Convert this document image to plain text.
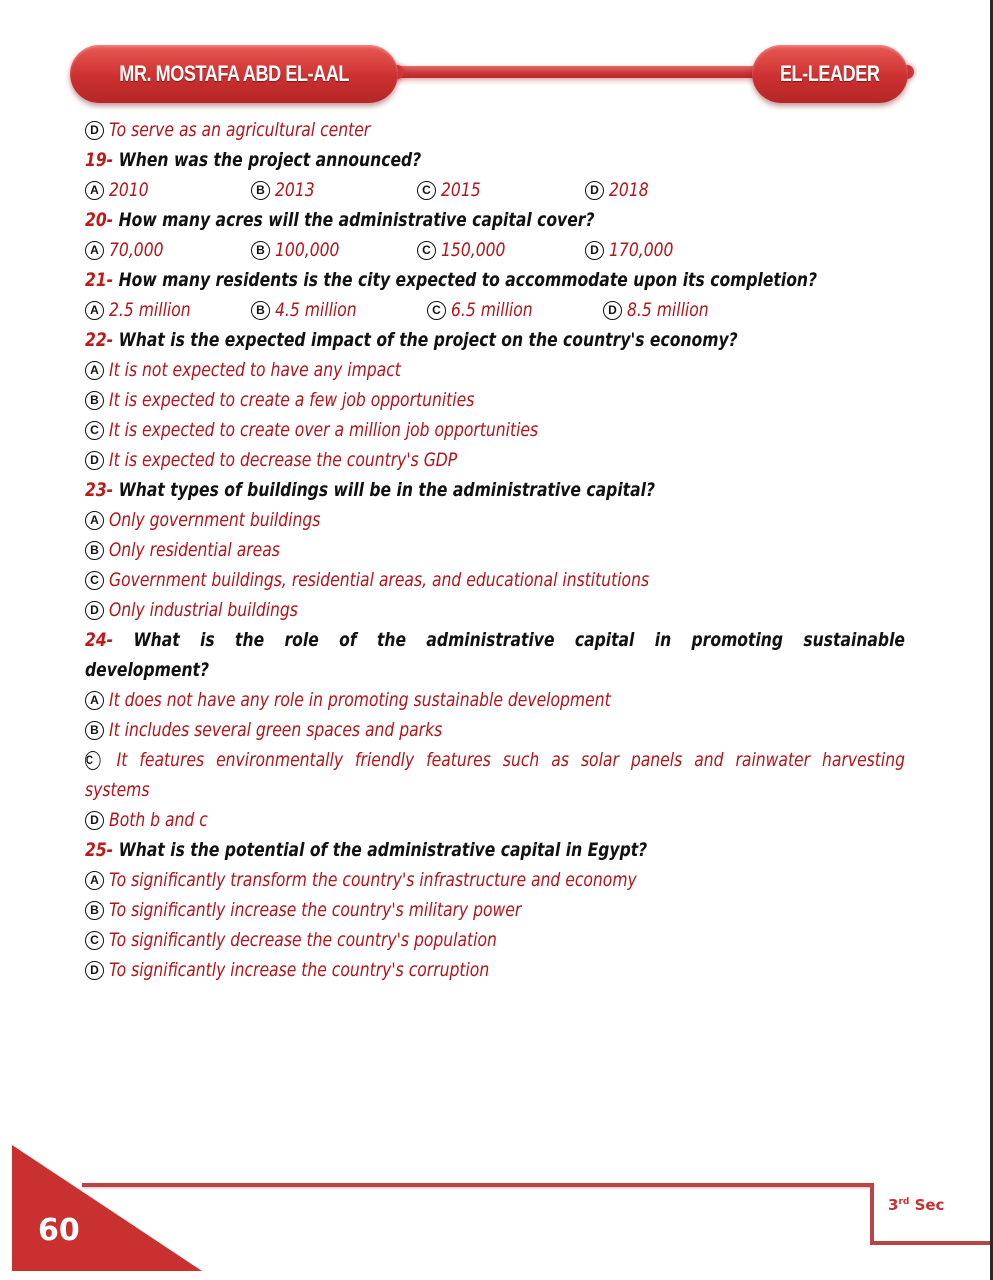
MR. MOSTAFA ABD EL-AAL	EL-LEADER
D To serve as an agricultural center
19- When was the project announced?
A 2010	B 2013	C 2015	D 2018
20- How many acres will the administrative capital cover?
A 70,000	B 100,000	C 150,000	D 170,000
21- How many residents is the city expected to accommodate upon its completion?
A 2.5 million	B 4.5 million	C 6.5 million	D 8.5 million
22- What is the expected impact of the project on the country's economy?
A It is not expected to have any impact
B It is expected to create a few job opportunities
C It is expected to create over a million job opportunities
D It is expected to decrease the country's GDP
23- What types of buildings will be in the administrative capital?
A Only government buildings
B Only residential areas
C Government buildings, residential areas, and educational institutions
D Only industrial buildings
24- What is the role of the administrative capital in promoting sustainable development?
A It does not have any role in promoting sustainable development
B It includes several green spaces and parks
C It features environmentally friendly features such as solar panels and rainwater harvesting systems
D Both b and c
25- What is the potential of the administrative capital in Egypt?
A To significantly transform the country's infrastructure and economy
B To significantly increase the country's military power
C To significantly decrease the country's population
D To significantly increase the country's corruption
60
3rd Sec
